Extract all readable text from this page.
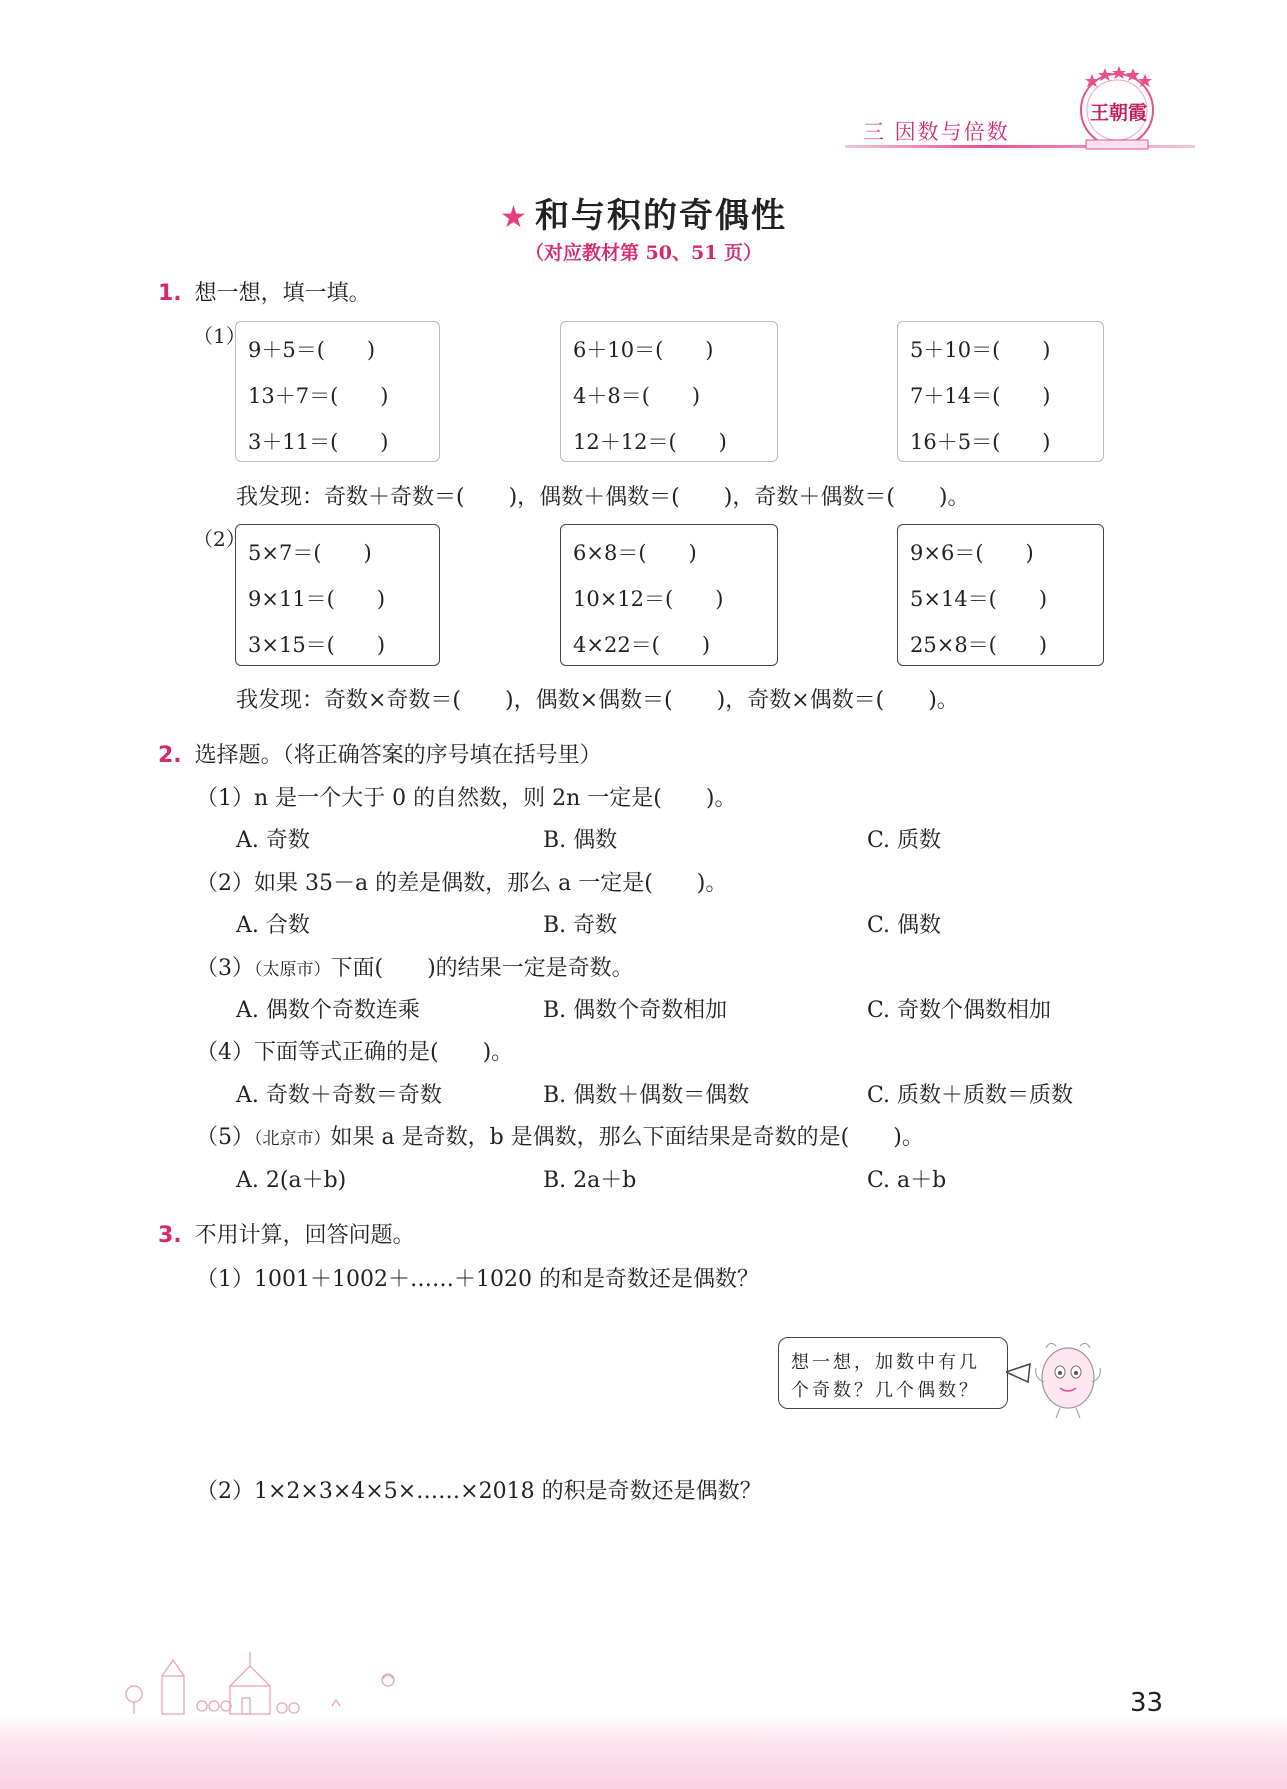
三 因数与倍数
王朝霞
★ 和与积的奇偶性
（对应教材第 50、51 页）
1. 想一想，填一填。
（1）
9＋5＝(　　)
13＋7＝(　　)
3＋11＝(　　)
6＋10＝(　　)
4＋8＝(　　)
12＋12＝(　　)
5＋10＝(　　)
7＋14＝(　　)
16＋5＝(　　)
我发现：奇数＋奇数＝(　　)，偶数＋偶数＝(　　)，奇数＋偶数＝(　　)。
（2）
5×7＝(　　)
9×11＝(　　)
3×15＝(　　)
6×8＝(　　)
10×12＝(　　)
4×22＝(　　)
9×6＝(　　)
5×14＝(　　)
25×8＝(　　)
我发现：奇数×奇数＝(　　)，偶数×偶数＝(　　)，奇数×偶数＝(　　)。
2. 选择题。（将正确答案的序号填在括号里）
（1）n 是一个大于 0 的自然数，则 2n 一定是(　　)。
A. 奇数	B. 偶数	C. 质数
（2）如果 35－a 的差是偶数，那么 a 一定是(　　)。
A. 合数	B. 奇数	C. 偶数
（3）（太原市）下面(　　)的结果一定是奇数。
A. 偶数个奇数连乘	B. 偶数个奇数相加	C. 奇数个偶数相加
（4）下面等式正确的是(　　)。
A. 奇数＋奇数＝奇数	B. 偶数＋偶数＝偶数	C. 质数＋质数＝质数
（5）（北京市）如果 a 是奇数，b 是偶数，那么下面结果是奇数的是(　　)。
A. 2(a＋b)	B. 2a＋b	C. a＋b
3. 不用计算，回答问题。
（1）1001＋1002＋……＋1020 的和是奇数还是偶数？
想一想，加数中有几
个奇数？几个偶数？
（2）1×2×3×4×5×……×2018 的积是奇数还是偶数？
33
